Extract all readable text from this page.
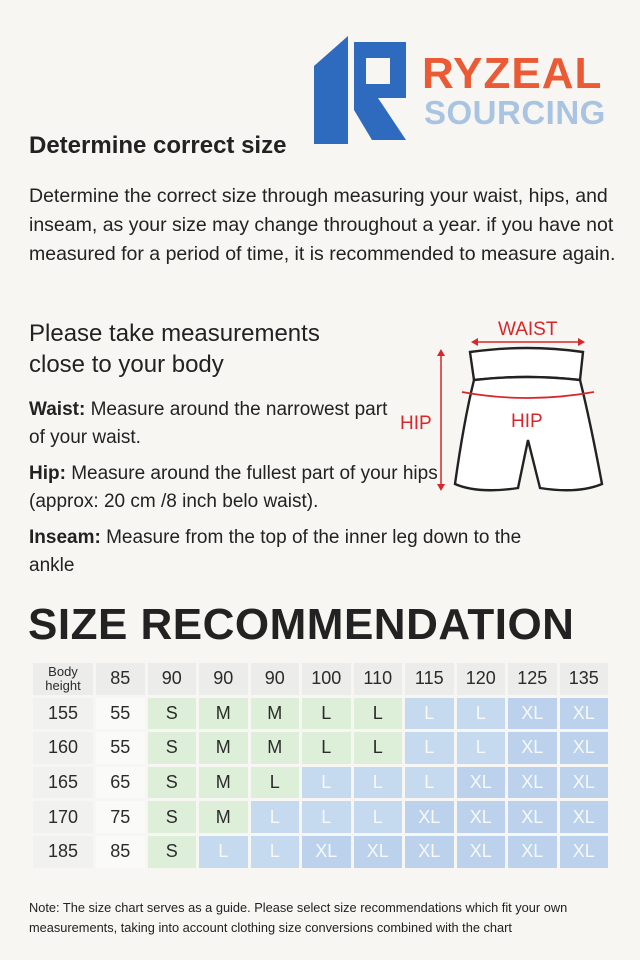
RYZEAL
SOURCING
Determine correct size
Determine the correct size through measuring your waist, hips, and inseam, as your size may change throughout a year. if you have not measured for a period of time, it is recommended to measure again.
Please take measurements close to your body
Waist: Measure around the narrowest part of your waist.
Hip: Measure around the fullest part of your hips (approx: 20 cm /8 inch belo waist).
Inseam: Measure from the top of the inner leg down to the ankle
WAIST
HIP	HIP
SIZE RECOMMENDATION
Body
height	85	90	90	90	100	110	115	120	125	135
155	55	S	M	M	L	L	L	L	XL	XL
160	55	S	M	M	L	L	L	L	XL	XL
165	65	S	M	L	L	L	L	XL	XL	XL
170	75	S	M	L	L	L	XL	XL	XL	XL
185	85	S	L	L	XL	XL	XL	XL	XL	XL
Note: The size chart serves as a guide. Please select size recommendations which fit your own measurements, taking into account clothing size conversions combined with the chart
